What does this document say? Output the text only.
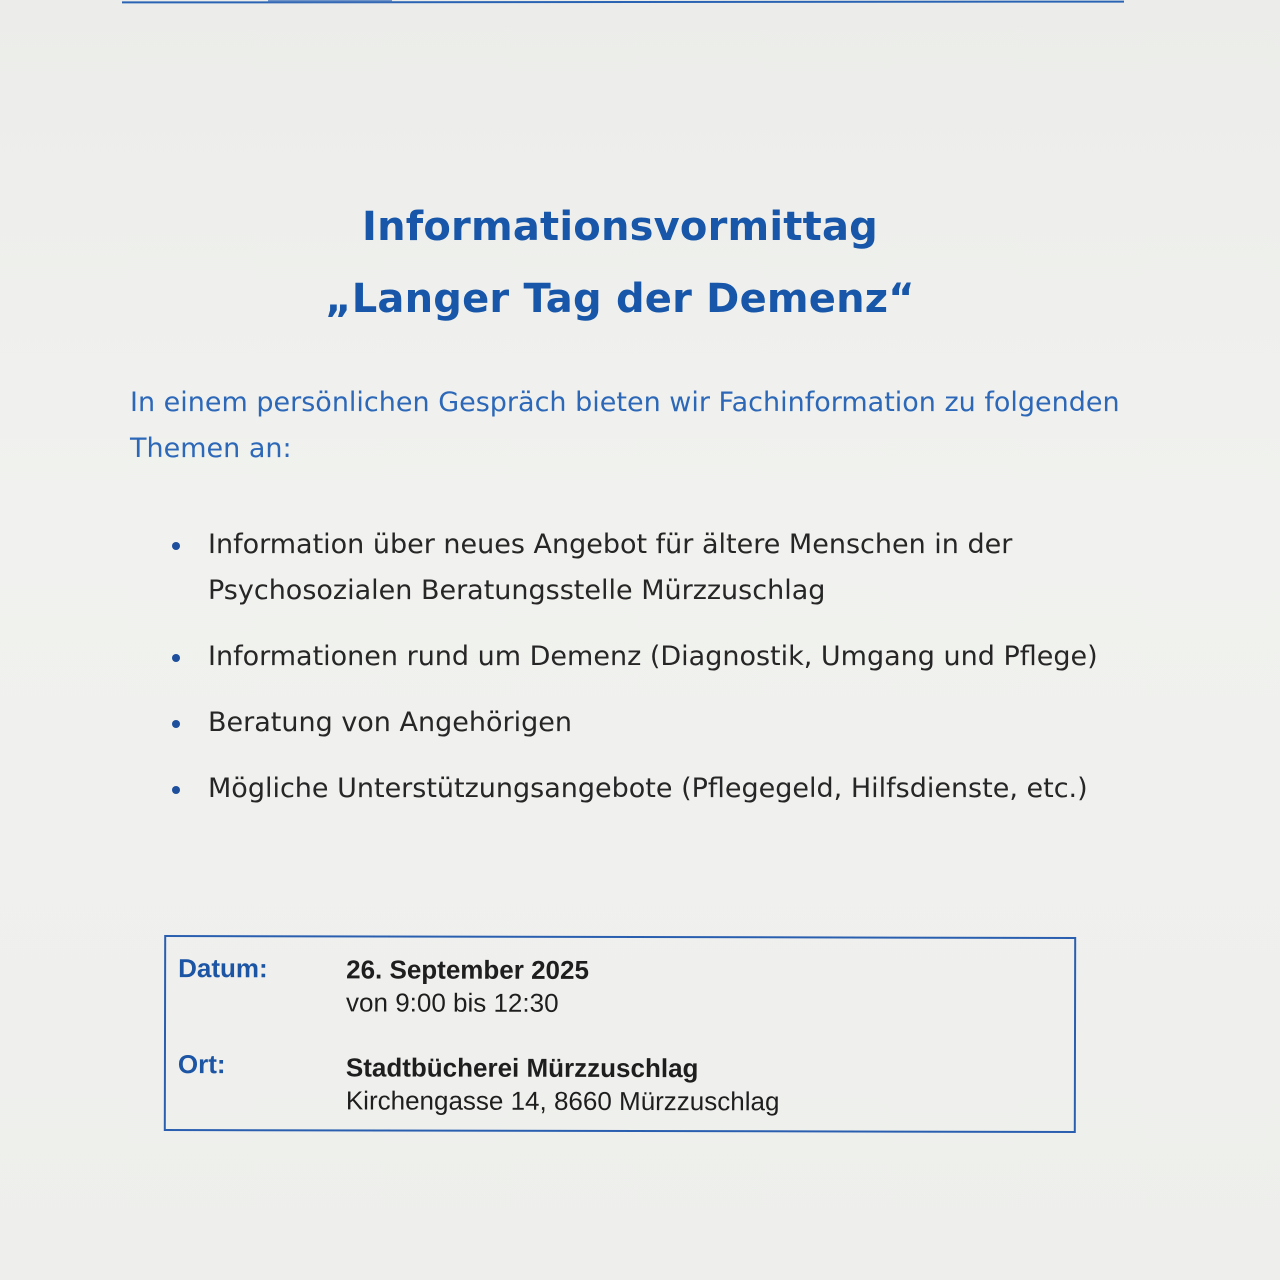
Informationsvormittag
„Langer Tag der Demenz“
In einem persönlichen Gespräch bieten wir Fachinformation zu folgenden Themen an:
Information über neues Angebot für ältere Menschen in der Psychosozialen Beratungsstelle Mürzzuschlag
Informationen rund um Demenz (Diagnostik, Umgang und Pflege)
Beratung von Angehörigen
Mögliche Unterstützungsangebote (Pflegegeld, Hilfsdienste, etc.)
Datum:	26. September 2025
von 9:00 bis 12:30
Ort:	Stadtbücherei Mürzzuschlag
Kirchengasse 14, 8660 Mürzzuschlag
